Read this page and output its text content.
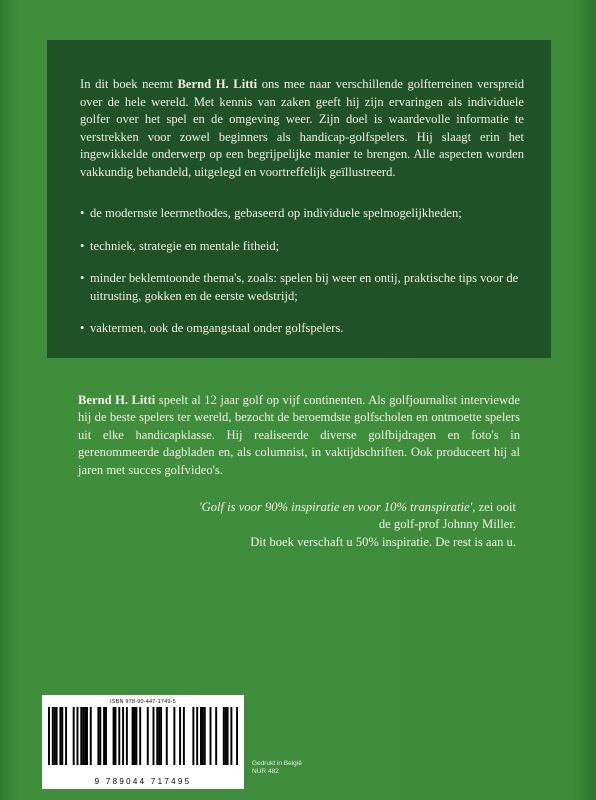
In dit boek neemt Bernd H. Litti ons mee naar verschillende golfterreinen verspreid over de hele wereld. Met kennis van zaken geeft hij zijn ervaringen als individuele golfer over het spel en de omgeving weer. Zijn doel is waardevolle informatie te verstrekken voor zowel beginners als handicap-golfspelers. Hij slaagt erin het ingewikkelde onderwerp op een begrijpelijke manier te brengen. Alle aspecten worden vakkundig behandeld, uitgelegd en voortreffelijk geïllustreerd.

• de modernste leermethodes, gebaseerd op individuele spelmogelijkheden;
• techniek, strategie en mentale fitheid;
• minder beklemtoonde thema's, zoals: spelen bij weer en ontij, praktische tips voor de uitrusting, gokken en de eerste wedstrijd;
• vaktermen, ook de omgangstaal onder golfspelers.

Bernd H. Litti speelt al 12 jaar golf op vijf continenten. Als golfjournalist interviewde hij de beste spelers ter wereld, bezocht de beroemdste golfscholen en ontmoette spelers uit elke handicapklasse. Hij realiseerde diverse golfbijdragen en foto's in gerenommeerde dagbladen en, als columnist, in vaktijdschriften. Ook produceert hij al jaren met succes golfvideo's.

'Golf is voor 90% inspiratie en voor 10% transpiratie', zei ooit de golf-prof Johnny Miller.
Dit boek verschaft u 50% inspiratie. De rest is aan u.
ISBN 978-90-447-1749-5
9 789044 717495
Gedrukt in België
NUR 482
